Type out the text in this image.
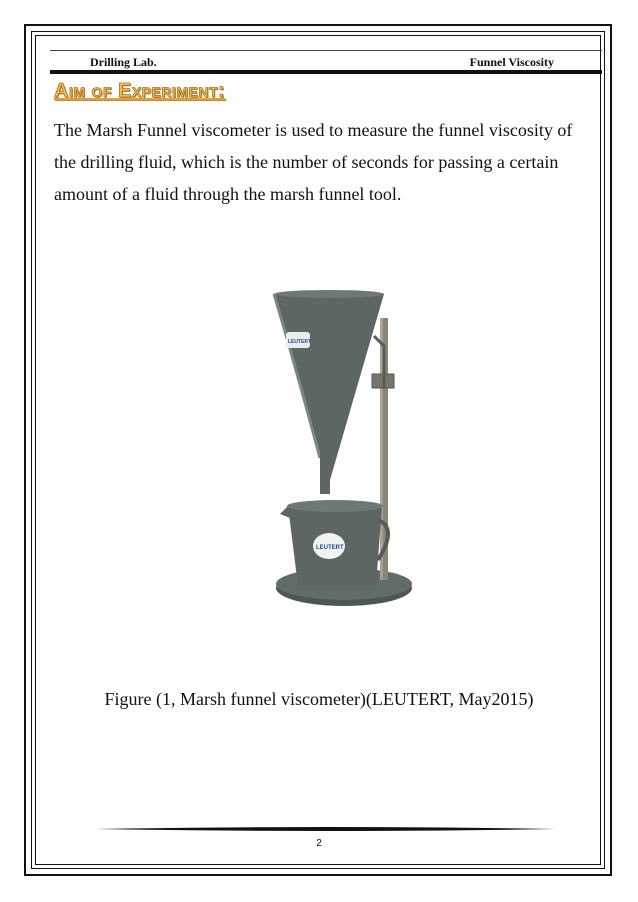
Drilling Lab.	Funnel Viscosity
Aim of Experiment:
The Marsh Funnel viscometer is used to measure the funnel viscosity of the drilling fluid, which is the number of seconds for passing a certain amount of a fluid through the marsh funnel tool.
LEUTERT
LEUTERT
Figure (1, Marsh funnel viscometer)(LEUTERT, May2015)
2
